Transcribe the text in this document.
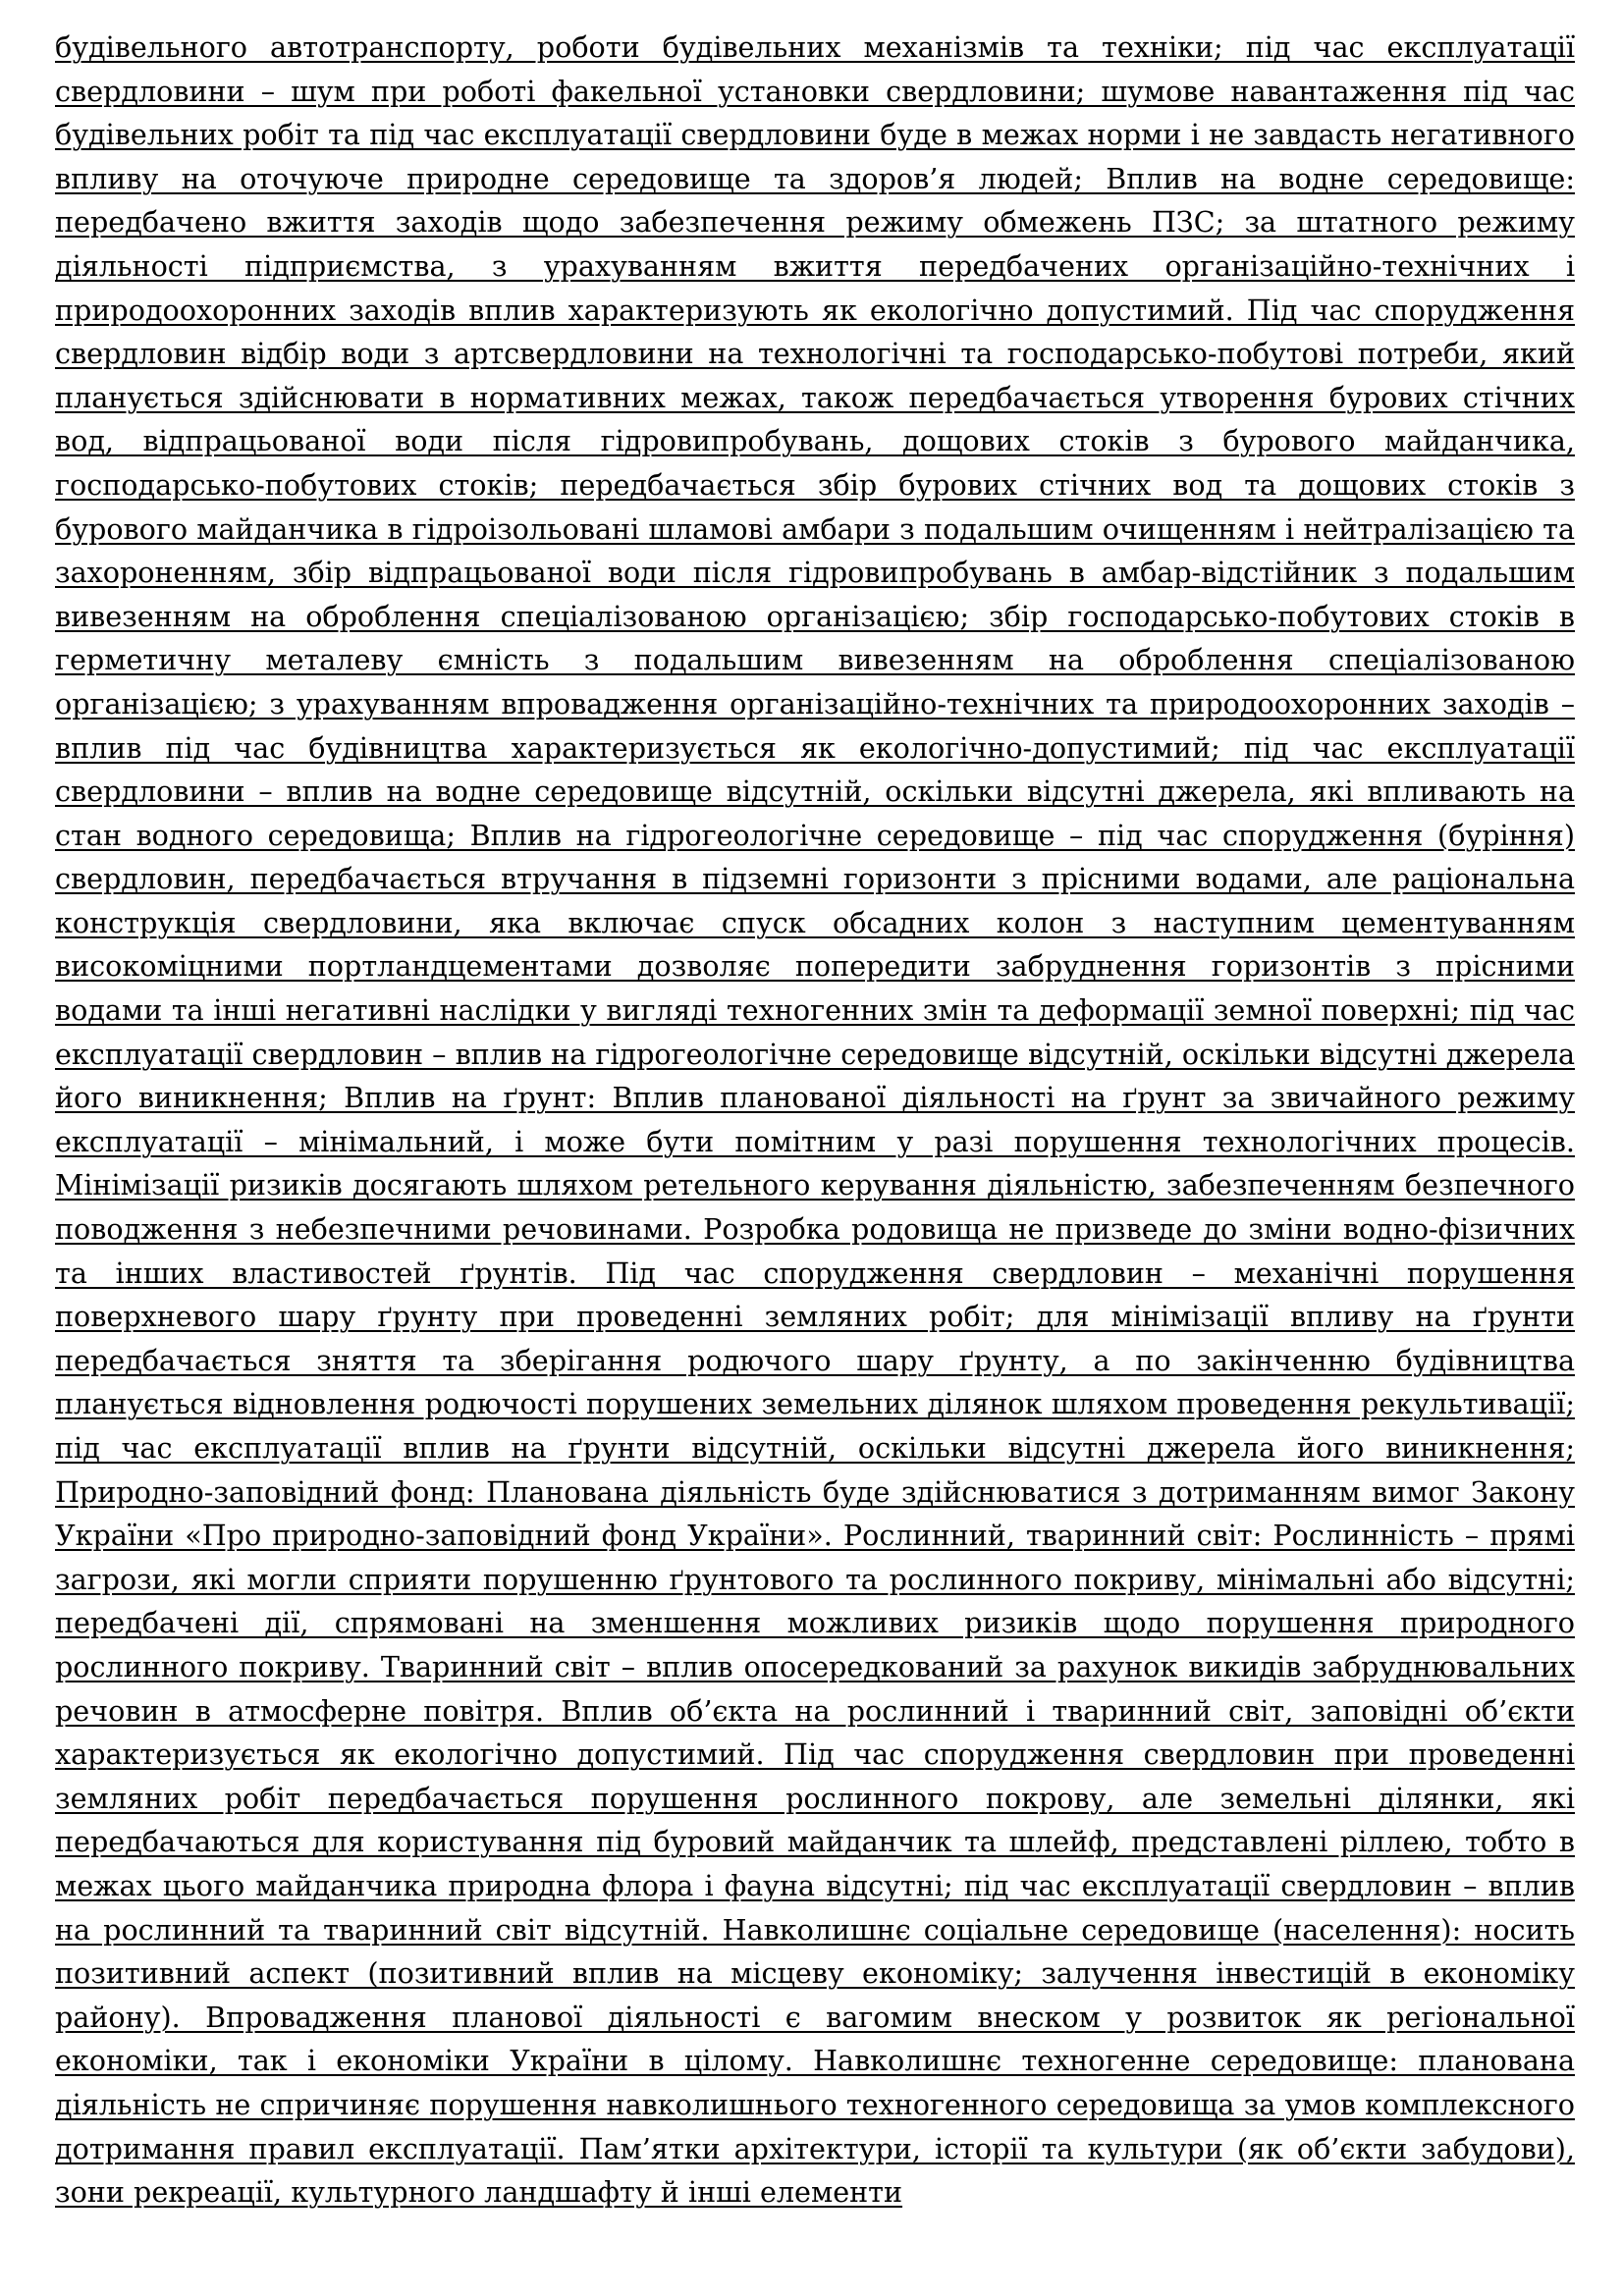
будівельного автотранспорту, роботи будівельних механізмів та техніки; під час експлуатації свердловини – шум при роботі факельної установки свердловини; шумове навантаження під час будівельних робіт та під час експлуатації свердловини буде в межах норми і не завдасть негативного впливу на оточуюче природне середовище та здоров’я людей; Вплив на водне середовище: передбачено вжиття заходів щодо забезпечення режиму обмежень ПЗС; за штатного режиму діяльності підприємства, з урахуванням вжиття передбачених організаційно-технічних і природоохоронних заходів вплив характеризують як екологічно допустимий. Під час спорудження свердловин відбір води з артсвердловини на технологічні та господарсько-побутові потреби, який планується здійснювати в нормативних межах, також передбачається утворення бурових стічних вод, відпрацьованої води після гідровипробувань, дощових стоків з бурового майданчика, господарсько-побутових стоків; передбачається збір бурових стічних вод та дощових стоків з бурового майданчика в гідроізольовані шламові амбари з подальшим очищенням і нейтралізацією та захороненням, збір відпрацьованої води після гідровипробувань в амбар-відстійник з подальшим вивезенням на оброблення спеціалізованою організацією; збір господарсько-побутових стоків в герметичну металеву ємність з подальшим вивезенням на оброблення спеціалізованою організацією; з урахуванням впровадження організаційно-технічних та природоохоронних заходів – вплив під час будівництва характеризується як екологічно-допустимий; під час експлуатації свердловини – вплив на водне середовище відсутній, оскільки відсутні джерела, які впливають на стан водного середовища; Вплив на гідрогеологічне середовище – під час спорудження (буріння) свердловин, передбачається втручання в підземні горизонти з прісними водами, але раціональна конструкція свердловини, яка включає спуск обсадних колон з наступним цементуванням високоміцними портландцементами дозволяє попередити забруднення горизонтів з прісними водами та інші негативні наслідки у вигляді техногенних змін та деформації земної поверхні; під час експлуатації свердловин – вплив на гідрогеологічне середовище відсутній, оскільки відсутні джерела його виникнення; Вплив на ґрунт: Вплив планованої діяльності на ґрунт за звичайного режиму експлуатації – мінімальний, і може бути помітним у разі порушення технологічних процесів. Мінімізації ризиків досягають шляхом ретельного керування діяльністю, забезпеченням безпечного поводження з небезпечними речовинами. Розробка родовища не призведе до зміни водно-фізичних та інших властивостей ґрунтів. Під час спорудження свердловин – механічні порушення поверхневого шару ґрунту при проведенні земляних робіт; для мінімізації впливу на ґрунти передбачається зняття та зберігання родючого шару ґрунту, а по закінченню будівництва планується відновлення родючості порушених земельних ділянок шляхом проведення рекультивації; під час експлуатації вплив на ґрунти відсутній, оскільки відсутні джерела його виникнення; Природно-заповідний фонд: Планована діяльність буде здійснюватися з дотриманням вимог Закону України «Про природно-заповідний фонд України». Рослинний, тваринний світ: Рослинність – прямі загрози, які могли сприяти порушенню ґрунтового та рослинного покриву, мінімальні або відсутні; передбачені дії, спрямовані на зменшення можливих ризиків щодо порушення природного рослинного покриву. Тваринний світ – вплив опосередкований за рахунок викидів забруднювальних речовин в атмосферне повітря. Вплив об’єкта на рослинний і тваринний світ, заповідні об’єкти характеризується як екологічно допустимий. Під час спорудження свердловин при проведенні земляних робіт передбачається порушення рослинного покрову, але земельні ділянки, які передбачаються для користування під буровий майданчик та шлейф, представлені ріллею, тобто в межах цього майданчика природна флора і фауна відсутні; під час експлуатації свердловин – вплив на рослинний та тваринний світ відсутній. Навколишнє соціальне середовище (населення): носить позитивний аспект (позитивний вплив на місцеву економіку; залучення інвестицій в економіку району). Впровадження планової діяльності є вагомим внеском у розвиток як регіональної економіки, так і економіки України в цілому. Навколишнє техногенне середовище: планована діяльність не спричиняє порушення навколишнього техногенного середовища за умов комплексного дотримання правил експлуатації. Пам’ятки архітектури, історії та культури (як об’єкти забудови), зони рекреації, культурного ландшафту й інші елементи
